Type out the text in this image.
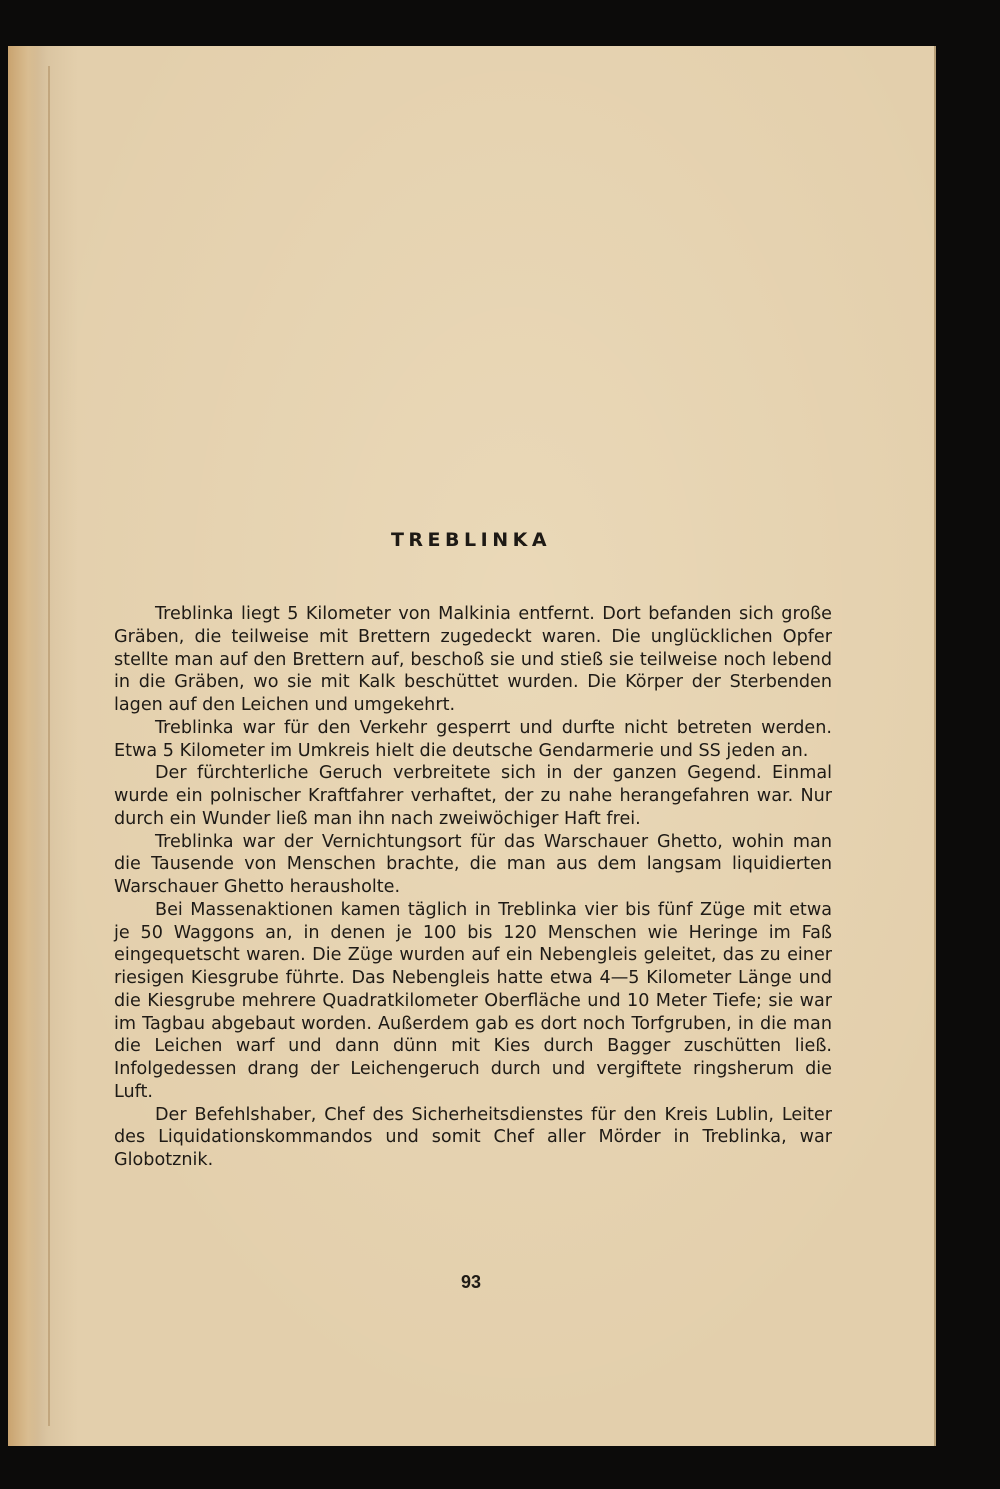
TREBLINKA

Treblinka liegt 5 Kilometer von Malkinia entfernt. Dort befanden sich große Gräben, die teilweise mit Brettern zugedeckt waren. Die unglücklichen Opfer stellte man auf den Brettern auf, beschoß sie und stieß sie teilweise noch lebend in die Gräben, wo sie mit Kalk beschüttet wurden. Die Körper der Sterbenden lagen auf den Leichen und umgekehrt.

Treblinka war für den Verkehr gesperrt und durfte nicht betreten werden. Etwa 5 Kilometer im Umkreis hielt die deutsche Gendarmerie und SS jeden an.

Der fürchterliche Geruch verbreitete sich in der ganzen Gegend. Einmal wurde ein polnischer Kraftfahrer verhaftet, der zu nahe herangefahren war. Nur durch ein Wunder ließ man ihn nach zweiwöchiger Haft frei.

Treblinka war der Vernichtungsort für das Warschauer Ghetto, wohin man die Tausende von Menschen brachte, die man aus dem langsam liquidierten Warschauer Ghetto herausholte.

Bei Massenaktionen kamen täglich in Treblinka vier bis fünf Züge mit etwa je 50 Waggons an, in denen je 100 bis 120 Menschen wie Heringe im Faß eingequetscht waren. Die Züge wurden auf ein Nebengleis geleitet, das zu einer riesigen Kiesgrube führte. Das Nebengleis hatte etwa 4—5 Kilometer Länge und die Kiesgrube mehrere Quadratkilometer Oberfläche und 10 Meter Tiefe; sie war im Tagbau abgebaut worden. Außerdem gab es dort noch Torfgruben, in die man die Leichen warf und dann dünn mit Kies durch Bagger zuschütten ließ. Infolgedessen drang der Leichengeruch durch und vergiftete ringsherum die Luft.

Der Befehlshaber, Chef des Sicherheitsdienstes für den Kreis Lublin, Leiter des Liquidationskommandos und somit Chef aller Mörder in Treblinka, war Globotznik.

93
